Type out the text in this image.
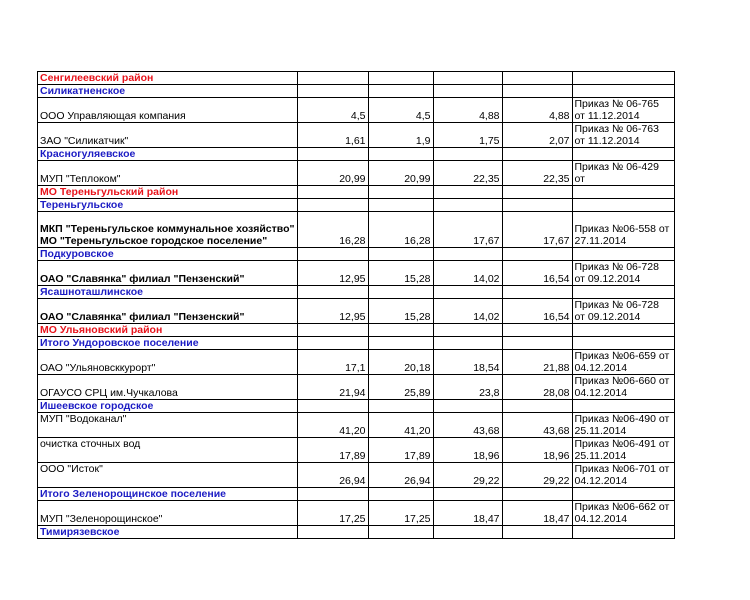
Сенгилеевский район					
Силикатненское					
ООО Управляющая компания	4,5	4,5	4,88	4,88	Приказ № 06-765 от 11.12.2014
ЗАО "Силикатчик"	1,61	1,9	1,75	2,07	Приказ № 06-763 от 11.12.2014
Красногуляевское					
МУП "Теплоком"	20,99	20,99	22,35	22,35	Приказ № 06-429 от
МО Тереньгульский район					
Тереньгульское					

МКП "Тереньгульское коммунальное хозяйство"
МО "Тереньгульское городское поселение"	16,28	16,28	17,67	17,67	Приказ №06-558 от 27.11.2014
Подкуровское					
ОАО "Славянка" филиал "Пензенский"	12,95	15,28	14,02	16,54	Приказ № 06-728 от 09.12.2014
Ясашноташлинское					
ОАО "Славянка" филиал "Пензенский"	12,95	15,28	14,02	16,54	Приказ № 06-728 от 09.12.2014
МО Ульяновский район					
Итого Ундоровское поселение					
ОАО "Ульяновсккурорт"	17,1	20,18	18,54	21,88	Приказ №06-659 от 04.12.2014
ОГАУСО СРЦ им.Чучкалова	21,94	25,89	23,8	28,08	Приказ №06-660 от 04.12.2014
Ишеевское городское					
МУП "Водоканал"	41,20	41,20	43,68	43,68	Приказ №06-490 от 25.11.2014
очистка сточных вод	17,89	17,89	18,96	18,96	Приказ №06-491 от 25.11.2014
ООО "Исток"	26,94	26,94	29,22	29,22	Приказ №06-701 от 04.12.2014
Итого Зеленорощинское поселение					
МУП "Зеленорощинское"	17,25	17,25	18,47	18,47	Приказ №06-662 от 04.12.2014
Тимирязевское					
